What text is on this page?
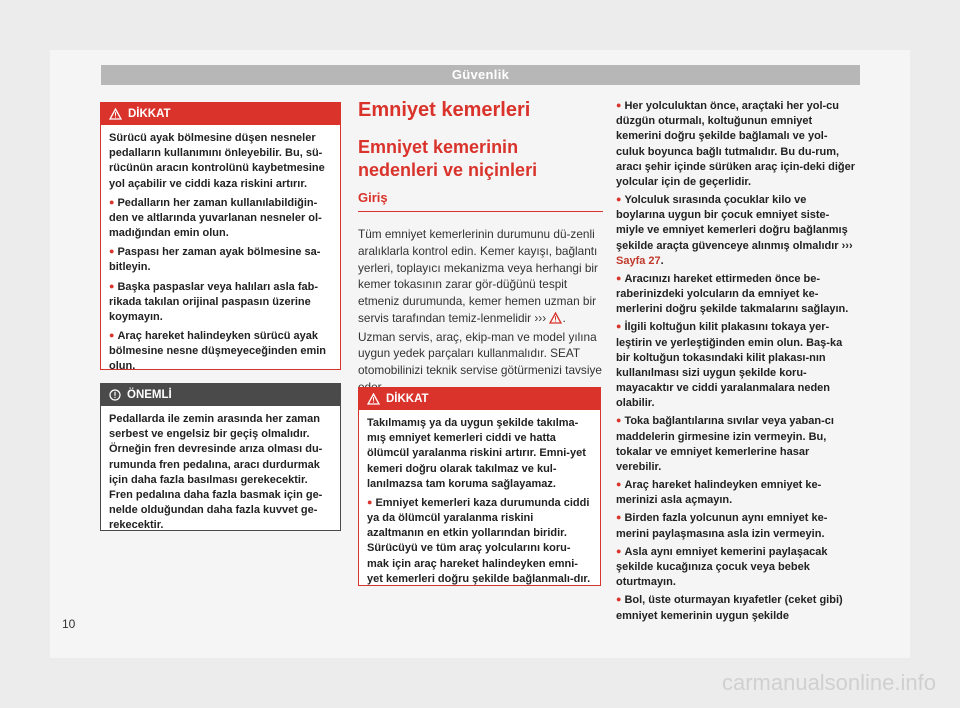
Güvenlik
DİKKAT

Sürücü ayak bölmesine düşen nesneler pedalların kullanımını önleyebilir. Bu, sü-rücünün aracın kontrolünü kaybetmesine yol açabilir ve ciddi kaza riskini artırır.

● Pedalların her zaman kullanılabildiğin-den ve altlarında yuvarlanan nesneler ol-madığından emin olun.

● Paspası her zaman ayak bölmesine sa-bitleyin.

● Başka paspaslar veya halıları asla fab-rikada takılan orijinal paspasın üzerine koymayın.

● Araç hareket halindeyken sürücü ayak bölmesine nesne düşmeyeceğinden emin olun.

ÖNEMLİ

Pedallarda ile zemin arasında her zaman serbest ve engelsiz bir geçiş olmalıdır. Örneğin fren devresinde arıza olması du-rumunda fren pedalına, aracı durdurmak için daha fazla basılması gerekecektir. Fren pedalına daha fazla basmak için ge-nelde olduğundan daha fazla kuvvet ge-rekecektir.

Emniyet kemerleri
Emniyet kemerinin nedenleri ve niçinleri
Giriş
Tüm emniyet kemerlerinin durumunu dü-zenli aralıklarla kontrol edin. Kemer kayışı, bağlantı yerleri, toplayıcı mekanizma veya herhangi bir kemer tokasının zarar gör-düğünü tespit etmeniz durumunda, kemer hemen uzman bir servis tarafından temiz-lenmelidir ››› . Uzman servis, araç, ekip-man ve model yılına uygun yedek parçaları kullanmalıdır. SEAT otomobilinizi teknik servise götürmenizi tavsiye
DİKKAT

Takılmamış ya da uygun şekilde takılma-mış emniyet kemerleri ciddi ve hatta ölümcül yaralanma riskini artırır. Emni-yet kemeri doğru olarak takılmaz ve kul-lanılmazsa tam koruma sağlayamaz.

● Emniyet kemerleri kaza durumunda ciddi ya da ölümcül yaralanma riskini azaltmanın en etkin yollarından biridir. Sürücüyü ve tüm araç yolcularını koru-mak için araç hareket halindeyken emni-yet kemerleri doğru şekilde bağlanmalı-dır.

● Her yolculuktan önce, araçtaki her yol-cu düzgün oturmalı, koltuğunun emniyet kemerini doğru şekilde bağlamalı ve yol-culuk boyunca bağlı tutmalıdır. Bu du-rum, aracı şehir içinde sürüken araç için-deki diğer yolcular için de geçerlidir.

● Yolculuk sırasında çocuklar kilo ve boylarına uygun bir çocuk emniyet siste-miyle ve emniyet kemerleri doğru bağlanmış şekilde araçta güvenceye alınmış olmalıdır ››› Sayfa 27.

● Aracınızı hareket ettirmeden önce be-raberinizdeki yolcuların da emniyet ke-merlerini doğru şekilde takmalarını sağlayın.

● İlgili koltuğun kilit plakasını tokaya yer-leştirin ve yerleştiğinden emin olun. Baş-ka bir koltuğun tokasındaki kilit plakası-nın kullanılması sizi uygun şekilde koru-mayacaktır ve ciddi yaralanmalara neden olabilir.

● Toka bağlantılarına sıvılar veya yaban-cı maddelerin girmesine izin vermeyin. Bu, tokalar ve emniyet kemerlerine hasar verebilir.

● Araç hareket halindeyken emniyet ke-merinizi asla açmayın.

● Birden fazla yolcunun aynı emniyet ke-merini paylaşmasına asla izin vermeyin.

● Asla aynı emniyet kemerini paylaşacak şekilde kucağınıza çocuk veya bebek oturtmayın.

● Bol, üste oturmayan kıyafetler (ceket gibi) emniyet kemerinin uygun şekilde

10
carmanualsonline.info
